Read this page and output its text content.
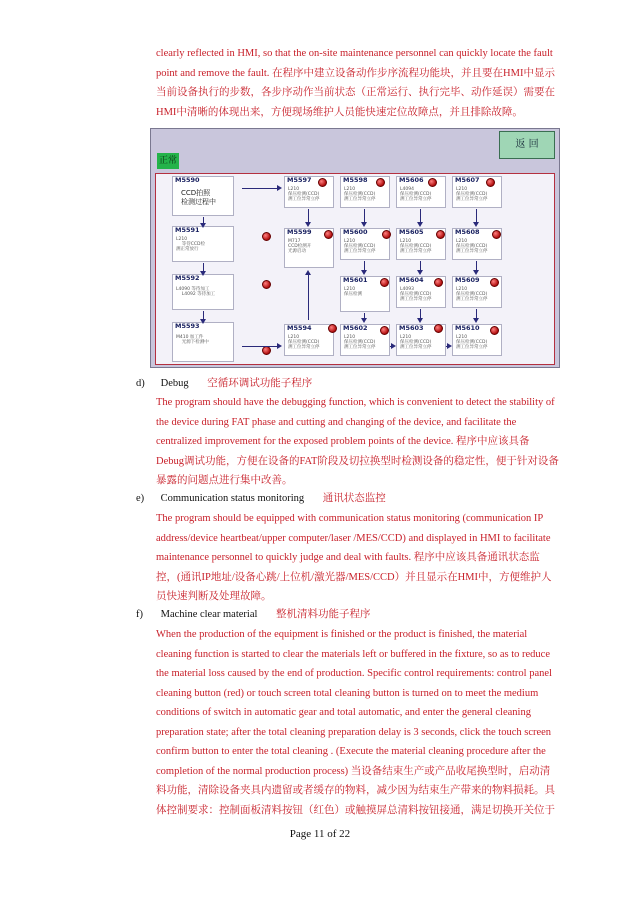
clearly reflected in HMI, so that the on-site maintenance personnel can quickly locate the fault
point and remove the fault. 在程序中建立设备动作步序流程功能块，并且要在HMI中显示
当前设备执行的步数，各步序动作当前状态（正常运行、执行完毕、动作延误）需要在
HMI中清晰的体现出来，方便现场维护人员能快速定位故障点，并且排除故障。
返 回
正常
M5590
CCD拍照
检测过程中
M5591
L210
等待CCD检
测正常放行
M5592
L4090 等待加工
L4092 等待加工
M5593
M410 加工件
光源下检测中
M5597
L210
保压检测(CCD)
测工位异常立停
M5599
M717
CCD检测开
光源启动
M5594
L210
保压检测(CCD)
测工位异常立停
M5598
L210
保压检测(CCD)
测工位异常立停
M5600
L210
保压检测(CCD)
测工位异常立停
M5601
L210
保压检测
M5602
L210
保压检测(CCD)
测工位异常立停
M5606
L4094
保压检测(CCD)
测工位异常立停
M5603
L210
保压检测(CCD)
测工位异常立停
M5604
L4093
保压检测(CCD)
测工位异常立停
M5605
L210
保压检测(CCD)
测工位异常立停
M5607
L210
保压检测(CCD)
测工位异常立停
M5608
L210
保压检测(CCD)
测工位异常立停
M5609
L210
保压检测(CCD)
测工位异常立停
M5610
L210
保压检测(CCD)
测工位异常立停
d) Debug 空循环调试功能子程序
The program should have the debugging function, which is convenient to detect the stability of
the device during FAT phase and cutting and changing of the device, and facilitate the
centralized improvement for the exposed problem points of the device. 程序中应该具备
Debug调试功能，方便在设备的FAT阶段及切拉换型时检测设备的稳定性，便于针对设备
暴露的问题点进行集中改善。
e) Communication status monitoring 通讯状态监控
The program should be equipped with communication status monitoring (communication IP
address/device heartbeat/upper computer/laser /MES/CCD) and displayed in HMI to facilitate
maintenance personnel to quickly judge and deal with faults. 程序中应该具备通讯状态监
控，(通讯IP地址/设备心跳/上位机/激光器/MES/CCD）并且显示在HMI中，方便维护人
员快速判断及处理故障。
f) Machine clear material 整机清料功能子程序
When the production of the equipment is finished or the product is finished, the material
cleaning function is started to clear the materials left or buffered in the fixture, so as to reduce
the material loss caused by the end of production. Specific control requirements: control panel
cleaning button (red) or touch screen total cleaning button is turned on to meet the medium
conditions of switch in automatic gear and total automatic, and enter the general cleaning
preparation state; after the total cleaning preparation delay is 3 seconds, click the touch screen
confirm button to enter the total cleaning . (Execute the material cleaning procedure after the
completion of the normal production process) 当设备结束生产或产品收尾换型时，启动清
料功能，清除设备夹具内遗留或者缓存的物料，减少因为结束生产带来的物料损耗。具
体控制要求：控制面板清料按钮（红色）或触摸屏总清料按钮接通，满足切换开关位于
Page 11 of 22
